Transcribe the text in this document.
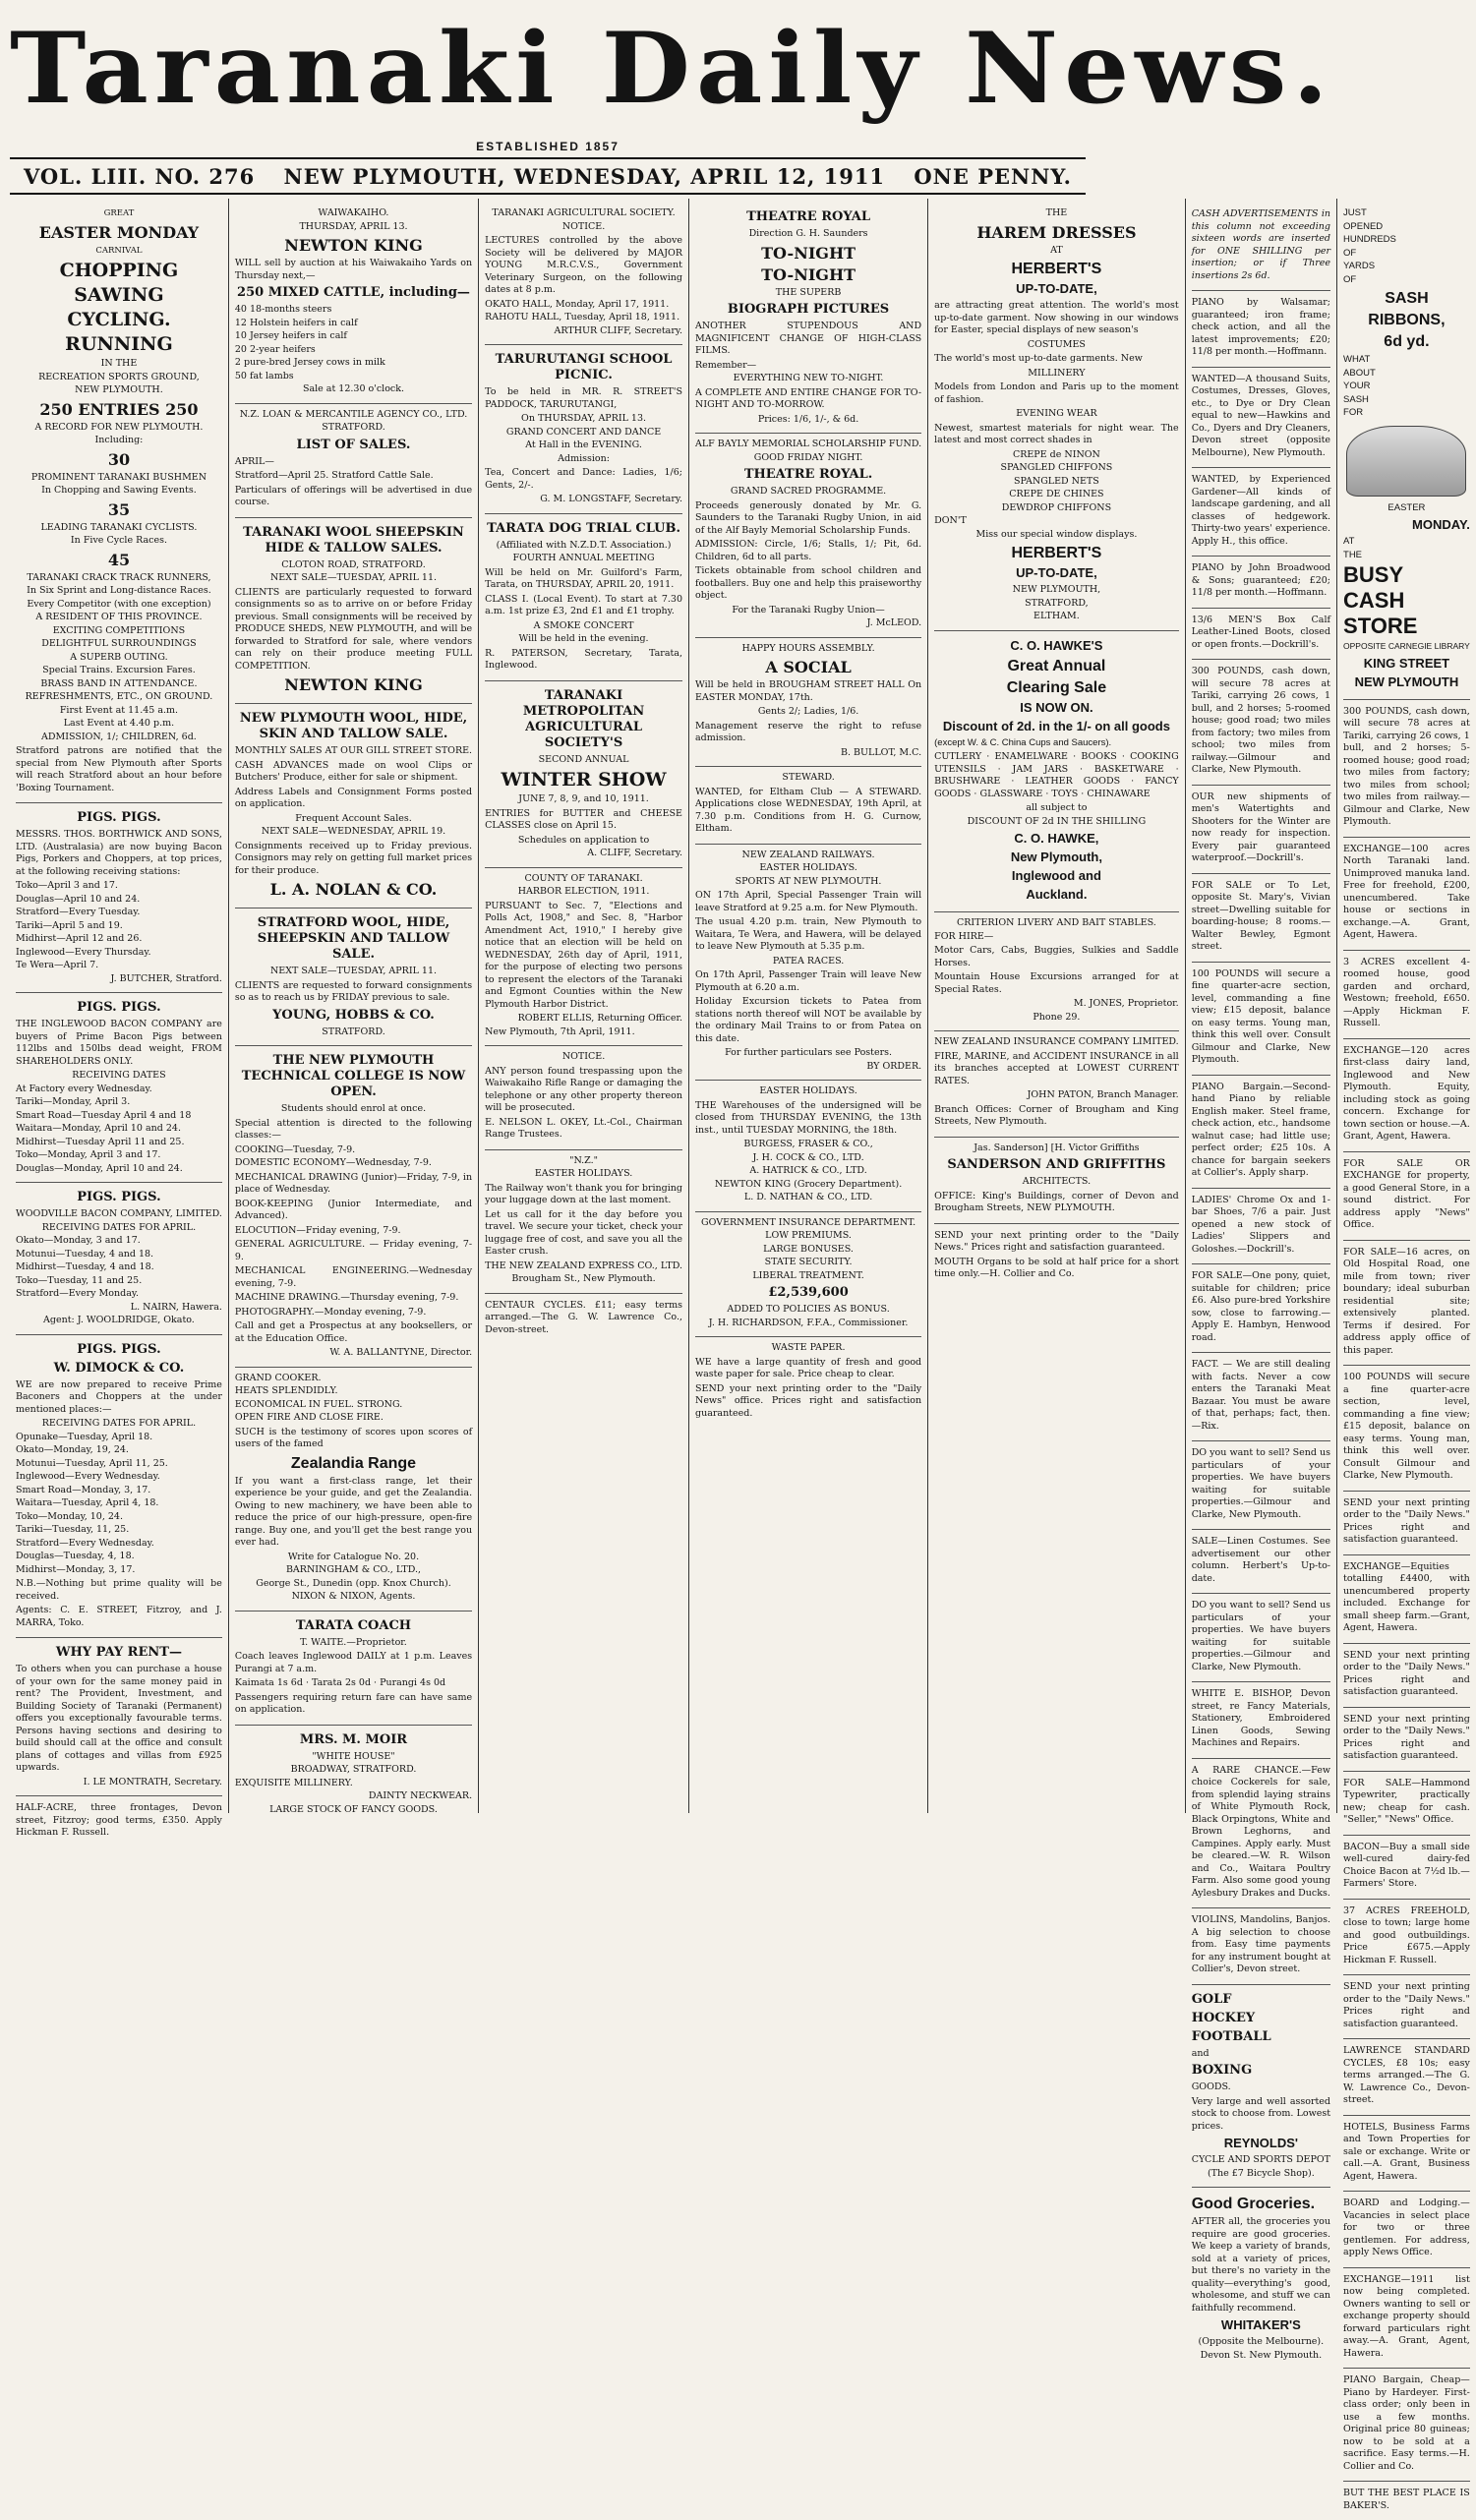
Taranaki Daily News.
ESTABLISHED 1857
VOL. LIII. NO. 276 NEW PLYMOUTH, WEDNESDAY, APRIL 12, 1911 ONE PENNY.
GREAT
EASTER MONDAY
CARNIVAL
CHOPPING
SAWING
CYCLING.
RUNNING
IN THE
RECREATION SPORTS GROUND,
NEW PLYMOUTH.
250 ENTRIES 250
A RECORD FOR NEW PLYMOUTH.
Including:
30
PROMINENT TARANAKI BUSHMEN
In Chopping and Sawing Events.
35
LEADING TARANAKI CYCLISTS.
In Five Cycle Races.
45
TARANAKI CRACK TRACK RUNNERS,
In Six Sprint and Long-distance Races.
Every Competitor (with one exception)
A RESIDENT OF THIS PROVINCE.
EXCITING COMPETITIONS
DELIGHTFUL SURROUNDINGS
A SUPERB OUTING.
Special Trains. Excursion Fares.
BRASS BAND IN ATTENDANCE.
REFRESHMENTS, ETC., ON GROUND.
First Event at 11.45 a.m.
Last Event at 4.40 p.m.
ADMISSION, 1/; CHILDREN, 6d.
Stratford patrons are notified that the special from New Plymouth after Sports will reach Stratford about an hour before 'Boxing Tournament.
PIGS. PIGS.
MESSRS. THOS. BORTHWICK AND SONS, LTD. (Australasia) are now buying Bacon Pigs, Porkers and Choppers, at top prices, at the following receiving stations:
Toko—April 3 and 17.
Douglas—April 10 and 24.
Stratford—Every Tuesday.
Tariki—April 5 and 19.
Midhirst—April 12 and 26.
Inglewood—Every Thursday.
Te Wera—April 7.
J. BUTCHER, Stratford.
PIGS. PIGS.
THE INGLEWOOD BACON COMPANY are buyers of Prime Bacon Pigs between 112lbs and 150lbs dead weight, FROM SHAREHOLDERS ONLY.
RECEIVING DATES
At Factory every Wednesday.
Tariki—Monday, April 3.
Smart Road—Tuesday April 4 and 18
Waitara—Monday, April 10 and 24.
Midhirst—Tuesday April 11 and 25.
Toko—Monday, April 3 and 17.
Douglas—Monday, April 10 and 24.
PIGS. PIGS.
WOODVILLE BACON COMPANY, LIMITED.
RECEIVING DATES FOR APRIL.
Okato—Monday, 3 and 17.
Motunui—Tuesday, 4 and 18.
Midhirst—Tuesday, 4 and 18.
Toko—Tuesday, 11 and 25.
Stratford—Every Monday.
L. NAIRN, Hawera.
Agent: J. WOOLDRIDGE, Okato.
PIGS. PIGS.
W. DIMOCK & CO.
WE are now prepared to receive Prime Baconers and Choppers at the under mentioned places:—
RECEIVING DATES FOR APRIL.
Opunake—Tuesday, April 18.
Okato—Monday, 19, 24.
Motunui—Tuesday, April 11, 25.
Inglewood—Every Wednesday.
Smart Road—Monday, 3, 17.
Waitara—Tuesday, April 4, 18.
Toko—Monday, 10, 24.
Tariki—Tuesday, 11, 25.
Stratford—Every Wednesday.
Douglas—Tuesday, 4, 18.
Midhirst—Monday, 3, 17.
N.B.—Nothing but prime quality will be received.
Agents: C. E. STREET, Fitzroy, and J. MARRA, Toko.
WHY PAY RENT—
To others when you can purchase a house of your own for the same money paid in rent? The Provident, Investment, and Building Society of Taranaki (Permanent) offers you exceptionally favourable terms. Persons having sections and desiring to build should call at the office and consult plans of cottages and villas from £925 upwards.
I. LE MONTRATH, Secretary.
HALF-ACRE, three frontages, Devon street, Fitzroy; good terms, £350. Apply Hickman F. Russell.
WAIWAKAIHO.
THURSDAY, APRIL 13.
NEWTON KING
WILL sell by auction at his Waiwakaiho Yards on Thursday next,—
250 MIXED CATTLE, including—
40 18-months steers
12 Holstein heifers in calf
10 Jersey heifers in calf
20 2-year heifers
2 pure-bred Jersey cows in milk
50 fat lambs
Sale at 12.30 o'clock.
N.Z. LOAN & MERCANTILE AGENCY CO., LTD.
STRATFORD.
LIST OF SALES.
APRIL—
Stratford—April 25. Stratford Cattle Sale.
Particulars of offerings will be advertised in due course.
TARANAKI WOOL SHEEPSKIN HIDE & TALLOW SALES.
CLOTON ROAD, STRATFORD.
NEXT SALE—TUESDAY, APRIL 11.
CLIENTS are particularly requested to forward consignments so as to arrive on or before Friday previous. Small consignments will be received by PRODUCE SHEDS, NEW PLYMOUTH, and will be forwarded to Stratford for sale, where vendors can rely on their produce meeting FULL COMPETITION.
NEWTON KING
NEW PLYMOUTH WOOL, HIDE, SKIN AND TALLOW SALE.
MONTHLY SALES AT OUR GILL STREET STORE.
CASH ADVANCES made on wool Clips or Butchers' Produce, either for sale or shipment.
Address Labels and Consignment Forms posted on application.
Frequent Account Sales.
NEXT SALE—WEDNESDAY, APRIL 19.
Consignments received up to Friday previous. Consignors may rely on getting full market prices for their produce.
L. A. NOLAN & CO.
STRATFORD WOOL, HIDE, SHEEPSKIN AND TALLOW SALE.
NEXT SALE—TUESDAY, APRIL 11.
CLIENTS are requested to forward consignments so as to reach us by FRIDAY previous to sale.
YOUNG, HOBBS & CO.
STRATFORD.
THE NEW PLYMOUTH TECHNICAL COLLEGE IS NOW OPEN.
Students should enrol at once.
Special attention is directed to the following classes:—
COOKING—Tuesday, 7-9.
DOMESTIC ECONOMY—Wednesday, 7-9.
MECHANICAL DRAWING (Junior)—Friday, 7-9, in place of Wednesday.
BOOK-KEEPING (Junior Intermediate, and Advanced).
ELOCUTION—Friday evening, 7-9.
GENERAL AGRICULTURE. — Friday evening, 7-9.
MECHANICAL ENGINEERING.—Wednesday evening, 7-9.
MACHINE DRAWING.—Thursday evening, 7-9.
PHOTOGRAPHY.—Monday evening, 7-9.
Call and get a Prospectus at any booksellers, or at the Education Office.
W. A. BALLANTYNE, Director.
GRAND COOKER.
HEATS SPLENDIDLY.
ECONOMICAL IN FUEL. STRONG.
OPEN FIRE AND CLOSE FIRE.
SUCH is the testimony of scores upon scores of users of the famed
Zealandia Range
If you want a first-class range, let their experience be your guide, and get the Zealandia. Owing to new machinery, we have been able to reduce the price of our high-pressure, open-fire range. Buy one, and you'll get the best range you ever had.
Write for Catalogue No. 20.
BARNINGHAM & CO., LTD.,
George St., Dunedin (opp. Knox Church).
NIXON & NIXON, Agents.
TARATA COACH
T. WAITE.—Proprietor.
Coach leaves Inglewood DAILY at 1 p.m. Leaves Purangi at 7 a.m.
Kaimata 1s 6d · Tarata 2s 0d · Purangi 4s 0d
Passengers requiring return fare can have same on application.
MRS. M. MOIR
"WHITE HOUSE"
BROADWAY, STRATFORD.
EXQUISITE MILLINERY.
DAINTY NECKWEAR.
LARGE STOCK OF FANCY GOODS.
TARANAKI AGRICULTURAL SOCIETY.
NOTICE.
LECTURES controlled by the above Society will be delivered by MAJOR YOUNG M.R.C.V.S., Government Veterinary Surgeon, on the following dates at 8 p.m.
OKATO HALL, Monday, April 17, 1911.
RAHOTU HALL, Tuesday, April 18, 1911.
ARTHUR CLIFF, Secretary.
TARURUTANGI SCHOOL PICNIC.
To be held in MR. R. STREET'S PADDOCK, TARURUTANGI,
On THURSDAY, APRIL 13.
GRAND CONCERT AND DANCE
At Hall in the EVENING.
Admission:
Tea, Concert and Dance: Ladies, 1/6; Gents, 2/-.
G. M. LONGSTAFF, Secretary.
TARATA DOG TRIAL CLUB.
(Affiliated with N.Z.D.T. Association.)
FOURTH ANNUAL MEETING
Will be held on Mr. Guilford's Farm, Tarata, on THURSDAY, APRIL 20, 1911.
CLASS I. (Local Event). To start at 7.30 a.m. 1st prize £3, 2nd £1 and £1 trophy.
A SMOKE CONCERT
Will be held in the evening.
R. PATERSON, Secretary, Tarata, Inglewood.
TARANAKI METROPOLITAN AGRICULTURAL SOCIETY'S
SECOND ANNUAL
WINTER SHOW
JUNE 7, 8, 9, and 10, 1911.
ENTRIES for BUTTER and CHEESE CLASSES close on April 15.
Schedules on application to
A. CLIFF, Secretary.
COUNTY OF TARANAKI.
HARBOR ELECTION, 1911.
PURSUANT to Sec. 7, "Elections and Polls Act, 1908," and Sec. 8, "Harbor Amendment Act, 1910," I hereby give notice that an election will be held on WEDNESDAY, 26th day of April, 1911, for the purpose of electing two persons to represent the electors of the Taranaki and Egmont Counties within the New Plymouth Harbor District.
ROBERT ELLIS, Returning Officer.
New Plymouth, 7th April, 1911.
NOTICE.
ANY person found trespassing upon the Waiwakaiho Rifle Range or damaging the telephone or any other property thereon will be prosecuted.
E. NELSON L. OKEY, Lt.-Col., Chairman Range Trustees.
"N.Z."
EASTER HOLIDAYS.
The Railway won't thank you for bringing your luggage down at the last moment.
Let us call for it the day before you travel. We secure your ticket, check your luggage free of cost, and save you all the Easter crush.
THE NEW ZEALAND EXPRESS CO., LTD.
Brougham St., New Plymouth.
CENTAUR CYCLES. £11; easy terms arranged.—The G. W. Lawrence Co., Devon-street.
THEATRE ROYAL
Direction G. H. Saunders
TO-NIGHT
TO-NIGHT
THE SUPERB
BIOGRAPH PICTURES
ANOTHER STUPENDOUS AND MAGNIFICENT CHANGE OF HIGH-CLASS FILMS.
Remember—
EVERYTHING NEW TO-NIGHT.
A COMPLETE AND ENTIRE CHANGE FOR TO-NIGHT AND TO-MORROW.
Prices: 1/6, 1/-, & 6d.
ALF BAYLY MEMORIAL SCHOLARSHIP FUND.
GOOD FRIDAY NIGHT.
THEATRE ROYAL.
GRAND SACRED PROGRAMME.
Proceeds generously donated by Mr. G. Saunders to the Taranaki Rugby Union, in aid of the Alf Bayly Memorial Scholarship Funds.
ADMISSION: Circle, 1/6; Stalls, 1/; Pit, 6d. Children, 6d to all parts.
Tickets obtainable from school children and footballers. Buy one and help this praiseworthy object.
For the Taranaki Rugby Union—
J. McLEOD.
HAPPY HOURS ASSEMBLY.
A SOCIAL
Will be held in BROUGHAM STREET HALL On EASTER MONDAY, 17th.
Gents 2/; Ladies, 1/6.
Management reserve the right to refuse admission.
B. BULLOT, M.C.
STEWARD.
WANTED, for Eltham Club — A STEWARD. Applications close WEDNESDAY, 19th April, at 7.30 p.m. Conditions from H. G. Curnow, Eltham.
NEW ZEALAND RAILWAYS.
EASTER HOLIDAYS.
SPORTS AT NEW PLYMOUTH.
ON 17th April, Special Passenger Train will leave Stratford at 9.25 a.m. for New Plymouth.
The usual 4.20 p.m. train, New Plymouth to Waitara, Te Wera, and Hawera, will be delayed to leave New Plymouth at 5.35 p.m.
PATEA RACES.
On 17th April, Passenger Train will leave New Plymouth at 6.20 a.m.
Holiday Excursion tickets to Patea from stations north thereof will NOT be available by the ordinary Mail Trains to or from Patea on this date.
For further particulars see Posters.
BY ORDER.
EASTER HOLIDAYS.
THE Warehouses of the undersigned will be closed from THURSDAY EVENING, the 13th inst., until TUESDAY MORNING, the 18th.
BURGESS, FRASER & CO.,
J. H. COCK & CO., LTD.
A. HATRICK & CO., LTD.
NEWTON KING (Grocery Department).
L. D. NATHAN & CO., LTD.
GOVERNMENT INSURANCE DEPARTMENT.
LOW PREMIUMS.
LARGE BONUSES.
STATE SECURITY.
LIBERAL TREATMENT.
£2,539,600
ADDED TO POLICIES AS BONUS.
J. H. RICHARDSON, F.F.A., Commissioner.
WASTE PAPER.
WE have a large quantity of fresh and good waste paper for sale. Price cheap to clear.
SEND your next printing order to the "Daily News" office. Prices right and satisfaction guaranteed.
THE
HAREM DRESSES
AT
HERBERT'S
UP-TO-DATE,
are attracting great attention. The world's most up-to-date garment. Now showing in our windows for Easter, special displays of new season's
COSTUMES
The world's most up-to-date garments. New
MILLINERY
Models from London and Paris up to the moment of fashion.
EVENING WEAR
Newest, smartest materials for night wear. The latest and most correct shades in
CREPE de NINON
SPANGLED CHIFFONS
SPANGLED NETS
CREPE DE CHINES
DEWDROP CHIFFONS
DON'T
Miss our special window displays.
HERBERT'S
UP-TO-DATE,
NEW PLYMOUTH,
STRATFORD,
ELTHAM.
C. O. HAWKE'S
Great Annual
Clearing Sale
IS NOW ON.
Discount of 2d. in the 1/- on all goods
(except W. & C. China Cups and Saucers).
CUTLERY · ENAMELWARE · BOOKS · COOKING UTENSILS · JAM JARS · BASKETWARE · BRUSHWARE · LEATHER GOODS · FANCY GOODS · GLASSWARE · TOYS · CHINAWARE
all subject to
DISCOUNT OF 2d IN THE SHILLING
C. O. HAWKE,
New Plymouth,
Inglewood and
Auckland.
CRITERION LIVERY AND BAIT STABLES.
FOR HIRE—
Motor Cars, Cabs, Buggies, Sulkies and Saddle Horses.
Mountain House Excursions arranged for at Special Rates.
M. JONES, Proprietor.
Phone 29.
NEW ZEALAND INSURANCE COMPANY LIMITED.
FIRE, MARINE, and ACCIDENT INSURANCE in all its branches accepted at LOWEST CURRENT RATES.
JOHN PATON, Branch Manager.
Branch Offices: Corner of Brougham and King Streets, New Plymouth.
Jas. Sanderson] [H. Victor Griffiths
SANDERSON AND GRIFFITHS
ARCHITECTS.
OFFICE: King's Buildings, corner of Devon and Brougham Streets, NEW PLYMOUTH.
SEND your next printing order to the "Daily News." Prices right and satisfaction guaranteed.
MOUTH Organs to be sold at half price for a short time only.—H. Collier and Co.
CASH ADVERTISEMENTS in this column not exceeding sixteen words are inserted for ONE SHILLING per insertion; or if Three insertions 2s 6d.
PIANO by Walsamar; guaranteed; iron frame; check action, and all the latest improvements; £20; 11/8 per month.—Hoffmann.
WANTED—A thousand Suits, Costumes, Dresses, Gloves, etc., to Dye or Dry Clean equal to new—Hawkins and Co., Dyers and Dry Cleaners, Devon street (opposite Melbourne), New Plymouth.
WANTED, by Experienced Gardener—All kinds of landscape gardening, and all classes of hedgework. Thirty-two years' experience. Apply H., this office.
PIANO by John Broadwood & Sons; guaranteed; £20; 11/8 per month.—Hoffmann.
13/6 MEN'S Box Calf Leather-Lined Boots, closed or open fronts.—Dockrill's.
300 POUNDS, cash down, will secure 78 acres at Tariki, carrying 26 cows, 1 bull, and 2 horses; 5-roomed house; good road; two miles from factory; two miles from school; two miles from railway.—Gilmour and Clarke, New Plymouth.
OUR new shipments of men's Watertights and Shooters for the Winter are now ready for inspection. Every pair guaranteed waterproof.—Dockrill's.
FOR SALE or To Let, opposite St. Mary's, Vivian street—Dwelling suitable for boarding-house; 8 rooms.—Walter Bewley, Egmont street.
100 POUNDS will secure a fine quarter-acre section, level, commanding a fine view; £15 deposit, balance on easy terms. Young man, think this well over. Consult Gilmour and Clarke, New Plymouth.
PIANO Bargain.—Second-hand Piano by reliable English maker. Steel frame, check action, etc., handsome walnut case; had little use; perfect order; £25 10s. A chance for bargain seekers at Collier's. Apply sharp.
LADIES' Chrome Ox and 1-bar Shoes, 7/6 a pair. Just opened a new stock of Ladies' Slippers and Goloshes.—Dockrill's.
FOR SALE—One pony, quiet, suitable for children; price £6. Also pure-bred Yorkshire sow, close to farrowing.—Apply E. Hambyn, Henwood road.
FACT. — We are still dealing with facts. Never a cow enters the Taranaki Meat Bazaar. You must be aware of that, perhaps; fact, then.—Rix.
DO you want to sell? Send us particulars of your properties. We have buyers waiting for suitable properties.—Gilmour and Clarke, New Plymouth.
SALE—Linen Costumes. See advertisement our other column. Herbert's Up-to-date.
DO you want to sell? Send us particulars of your properties. We have buyers waiting for suitable properties.—Gilmour and Clarke, New Plymouth.
WHITE E. BISHOP, Devon street, re Fancy Materials, Stationery, Embroidered Linen Goods, Sewing Machines and Repairs.
A RARE CHANCE.—Few choice Cockerels for sale, from splendid laying strains of White Plymouth Rock, Black Orpingtons, White and Brown Leghorns, and Campines. Apply early. Must be cleared.—W. R. Wilson and Co., Waitara Poultry Farm. Also some good young Aylesbury Drakes and Ducks.
VIOLINS, Mandolins, Banjos. A big selection to choose from. Easy time payments for any instrument bought at Collier's, Devon street.
GOLF
HOCKEY
FOOTBALL
and
BOXING
GOODS.
Very large and well assorted stock to choose from. Lowest prices.
REYNOLDS'
CYCLE AND SPORTS DEPOT
(The £7 Bicycle Shop).
Good Groceries.
AFTER all, the groceries you require are good groceries. We keep a variety of brands, sold at a variety of prices, but there's no variety in the quality—everything's good, wholesome, and stuff we can faithfully recommend.
WHITAKER'S
(Opposite the Melbourne).
Devon St. New Plymouth.
JUST
OPENED
HUNDREDS
OF
YARDS
OF
SASH
RIBBONS,
6d yd.
WHAT
ABOUT
YOUR
SASH
FOR
EASTER
MONDAY.
AT
THE
BUSY
CASH
STORE
OPPOSITE CARNEGIE LIBRARY
KING STREET
NEW PLYMOUTH
300 POUNDS, cash down, will secure 78 acres at Tariki, carrying 26 cows, 1 bull, and 2 horses; 5-roomed house; good road; two miles from factory; two miles from school; two miles from railway.—Gilmour and Clarke, New Plymouth.
EXCHANGE—100 acres North Taranaki land. Unimproved manuka land. Free for freehold, £200, unencumbered. Take house or sections in exchange.—A. Grant, Agent, Hawera.
3 ACRES excellent 4-roomed house, good garden and orchard, Westown; freehold, £650.—Apply Hickman F. Russell.
EXCHANGE—120 acres first-class dairy land, Inglewood and New Plymouth. Equity, including stock as going concern. Exchange for town section or house.—A. Grant, Agent, Hawera.
FOR SALE OR EXCHANGE for property, a good General Store, in a sound district. For address apply "News" Office.
FOR SALE—16 acres, on Old Hospital Road, one mile from town; river boundary; ideal suburban residential site; extensively planted. Terms if desired. For address apply office of this paper.
100 POUNDS will secure a fine quarter-acre section, level, commanding a fine view; £15 deposit, balance on easy terms. Young man, think this well over. Consult Gilmour and Clarke, New Plymouth.
SEND your next printing order to the "Daily News." Prices right and satisfaction guaranteed.
EXCHANGE—Equities totalling £4400, with unencumbered property included. Exchange for small sheep farm.—Grant, Agent, Hawera.
SEND your next printing order to the "Daily News." Prices right and satisfaction guaranteed.
SEND your next printing order to the "Daily News." Prices right and satisfaction guaranteed.
FOR SALE—Hammond Typewriter, practically new; cheap for cash. "Seller," "News" Office.
BACON—Buy a small side well-cured dairy-fed Choice Bacon at 7½d lb.—Farmers' Store.
37 ACRES FREEHOLD, close to town; large home and good outbuildings. Price £675.—Apply Hickman F. Russell.
SEND your next printing order to the "Daily News." Prices right and satisfaction guaranteed.
LAWRENCE STANDARD CYCLES, £8 10s; easy terms arranged.—The G. W. Lawrence Co., Devon-street.
HOTELS, Business Farms and Town Properties for sale or exchange. Write or call.—A. Grant, Business Agent, Hawera.
BOARD and Lodging.—Vacancies in select place for two or three gentlemen. For address, apply News Office.
EXCHANGE—1911 list now being completed. Owners wanting to sell or exchange property should forward particulars right away.—A. Grant, Agent, Hawera.
PIANO Bargain, Cheap—Piano by Hardeyer. First-class order; only been in use a few months. Original price 80 guineas; now to be sold at a sacrifice. Easy terms.—H. Collier and Co.
BUT THE BEST PLACE IS BAKER'S.
